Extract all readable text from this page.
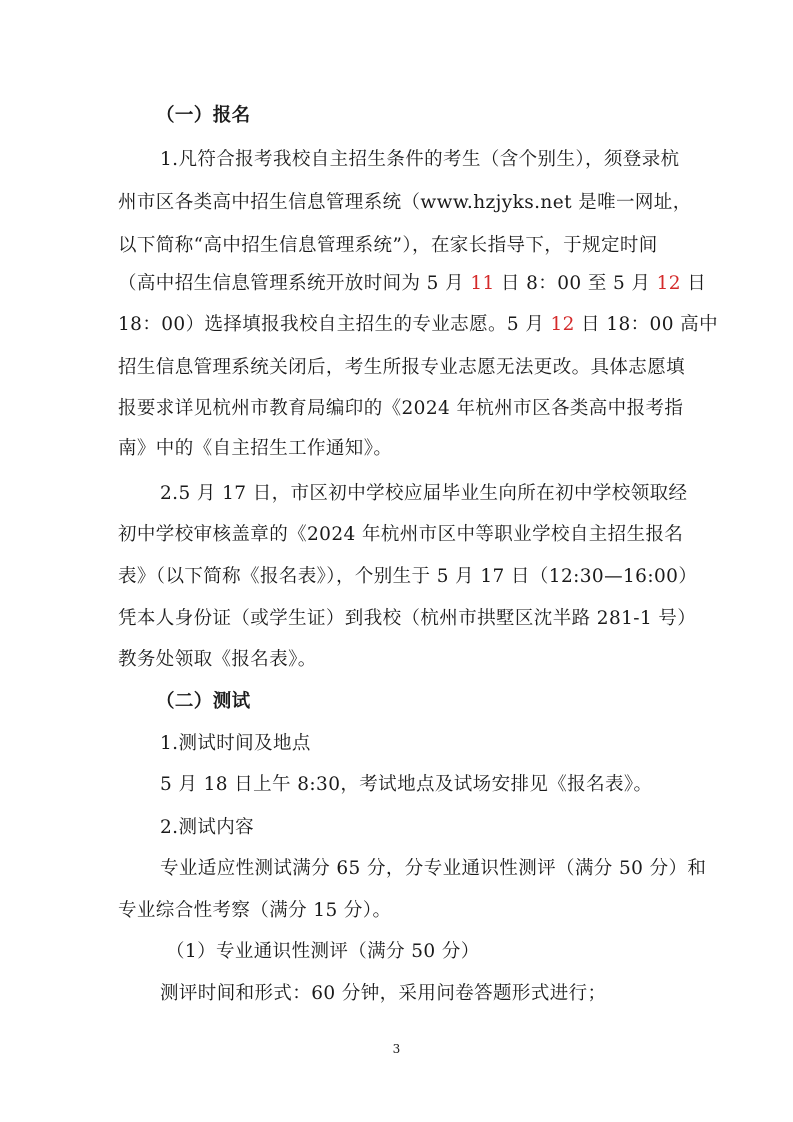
（一）报名
1.凡符合报考我校自主招生条件的考生（含个别生），须登录杭
州市区各类高中招生信息管理系统（www.hzjyks.net 是唯一网址，
以下简称“高中招生信息管理系统”），在家长指导下，于规定时间
（高中招生信息管理系统开放时间为 5 月 11 日 8：00 至 5 月 12 日
18：00）选择填报我校自主招生的专业志愿。5 月 12 日 18：00 高中
招生信息管理系统关闭后，考生所报专业志愿无法更改。具体志愿填
报要求详见杭州市教育局编印的《2024 年杭州市区各类高中报考指
南》中的《自主招生工作通知》。
2.5 月 17 日，市区初中学校应届毕业生向所在初中学校领取经
初中学校审核盖章的《2024 年杭州市区中等职业学校自主招生报名
表》（以下简称《报名表》），个别生于 5 月 17 日（12:30—16:00）
凭本人身份证（或学生证）到我校（杭州市拱墅区沈半路 281-1 号）
教务处领取《报名表》。
（二）测试
1.测试时间及地点
5 月 18 日上午 8:30，考试地点及试场安排见《报名表》。
2.测试内容
专业适应性测试满分 65 分，分专业通识性测评（满分 50 分）和
专业综合性考察（满分 15 分）。
（1）专业通识性测评（满分 50 分）
测评时间和形式：60 分钟，采用问卷答题形式进行；
3
